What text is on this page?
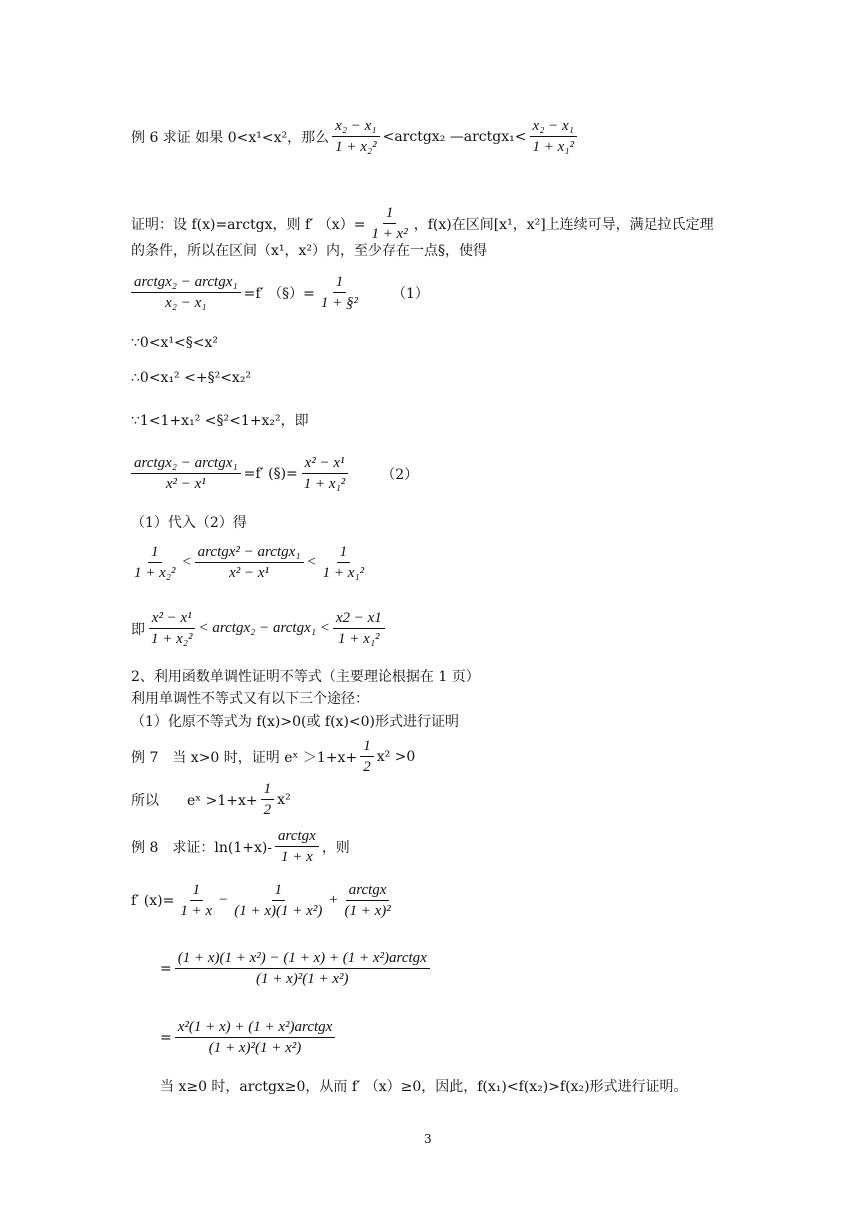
例 6 求证 如果 0<x¹<x²，那么 $\frac{\text{x₂ − x₁}}{\text{1 + x₂²}}$ <arctgx₂ —arctgx₁< $\frac{\text{x₂ − x₁}}{\text{1 + x₁²}}$
证明：设 f(x)=arctgx，则 f′ $(x)= \frac{1}{\text{1 + x²}}$ ，f(x)在区间[x¹，x²]上连续可导，满足拉氏定理
的条件，所以在区间（x¹，x²）内，至少存在一点§，使得
$\frac{\text{arctgx₂ − arctgx₁}}{\text{x₂ − x₁}} =f'$ （§）= $\frac{1}{\text{1 + §²}} (1)$
∵0<x¹<§<x²
∴0<x₁² <+§²<x₂²
∵1<1+x₁² <§²<1+x₂²，即
$\frac{\text{arctgx₂ − arctgx₁}}{\text{x² − x¹}} =f'$ (§)= $\frac{\text{x² − x¹}}{\text{1 + x₁²}} (2)$
（1）代入（2）得
$\frac{1}{\text{1 + x₂²}} < \frac{\text{arctgx² − arctgx₁}}{\text{x² − x¹}} < \frac{1}{\text{1 + x₁²}}$
即 $\frac{\text{x² − x¹}}{\text{1 + x₂²}}$ < arctgx₂ − arctgx₁ < $\frac{x2 - x1}{\text{1 + x₁²}}$
2、利用函数单调性证明不等式（主要理论根据在 1 页）
利用单调性不等式又有以下三个途径：
（1）化原不等式为 f(x)>0(或 f(x)<0)形式进行证明
例 7　当 x>0 时，证明 eˣ $>1+x+ \frac{1}{2} x^2 >0$
所以　　eˣ $>1+x+ \frac{1}{2} x^2$
例 8　求证：$\ln(1+x)- \frac{\text{arctgx}}{1 + x}$ ，则
f′ $(x)= \frac{1}{1 + x} - \frac{1}{\text{(1 + x)(1 + x²)}} + \frac{\text{arctgx}}{\text{(1 + x)²}}$
= $\frac{\text{(1 + x)(1 + x²) − (1 + x) + (1 + x²)arctgx}}{\text{(1 + x)²(1 + x²)}}$
= $\frac{\text{x²(1 + x) + (1 + x²)arctgx}}{\text{(1 + x)²(1 + x²)}}$
当 x≥0 时，arctgx≥0，从而 f′ （x）≥0，因此，f(x₁)<f(x₂)>f(x₂)形式进行证明。
3
